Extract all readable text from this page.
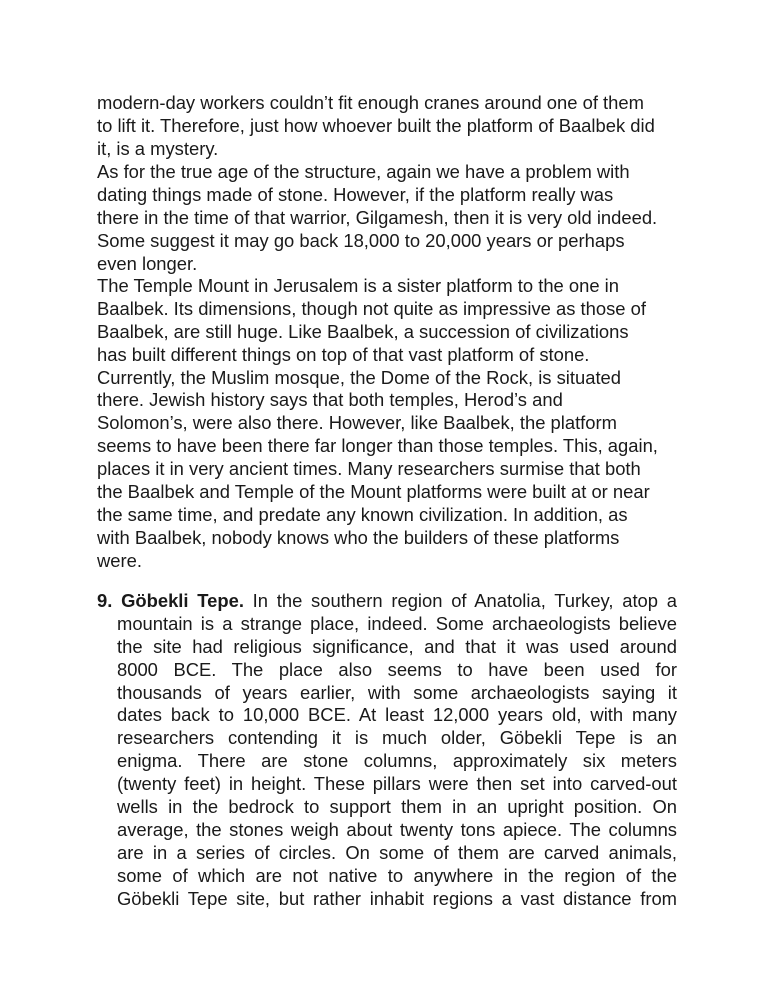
modern-day workers couldn’t fit enough cranes around one of them
to lift it. Therefore, just how whoever built the platform of Baalbek did
it, is a mystery.

As for the true age of the structure, again we have a problem with
dating things made of stone. However, if the platform really was
there in the time of that warrior, Gilgamesh, then it is very old indeed.
Some suggest it may go back 18,000 to 20,000 years or perhaps
even longer.

The Temple Mount in Jerusalem is a sister platform to the one in
Baalbek. Its dimensions, though not quite as impressive as those of
Baalbek, are still huge. Like Baalbek, a succession of civilizations
has built different things on top of that vast platform of stone.
Currently, the Muslim mosque, the Dome of the Rock, is situated
there. Jewish history says that both temples, Herod’s and
Solomon’s, were also there. However, like Baalbek, the platform
seems to have been there far longer than those temples. This, again,
places it in very ancient times. Many researchers surmise that both
the Baalbek and Temple of the Mount platforms were built at or near
the same time, and predate any known civilization. In addition, as
with Baalbek, nobody knows who the builders of these platforms
were.

9. Göbekli Tepe. In the southern region of Anatolia, Turkey, atop a
mountain is a strange place, indeed. Some archaeologists believe
the site had religious significance, and that it was used around
8000 BCE. The place also seems to have been used for
thousands of years earlier, with some archaeologists saying it
dates back to 10,000 BCE. At least 12,000 years old, with many
researchers contending it is much older, Göbekli Tepe is an
enigma. There are stone columns, approximately six meters
(twenty feet) in height. These pillars were then set into carved-out
wells in the bedrock to support them in an upright position. On
average, the stones weigh about twenty tons apiece. The columns
are in a series of circles. On some of them are carved animals,
some of which are not native to anywhere in the region of the
Göbekli Tepe site, but rather inhabit regions a vast distance from
